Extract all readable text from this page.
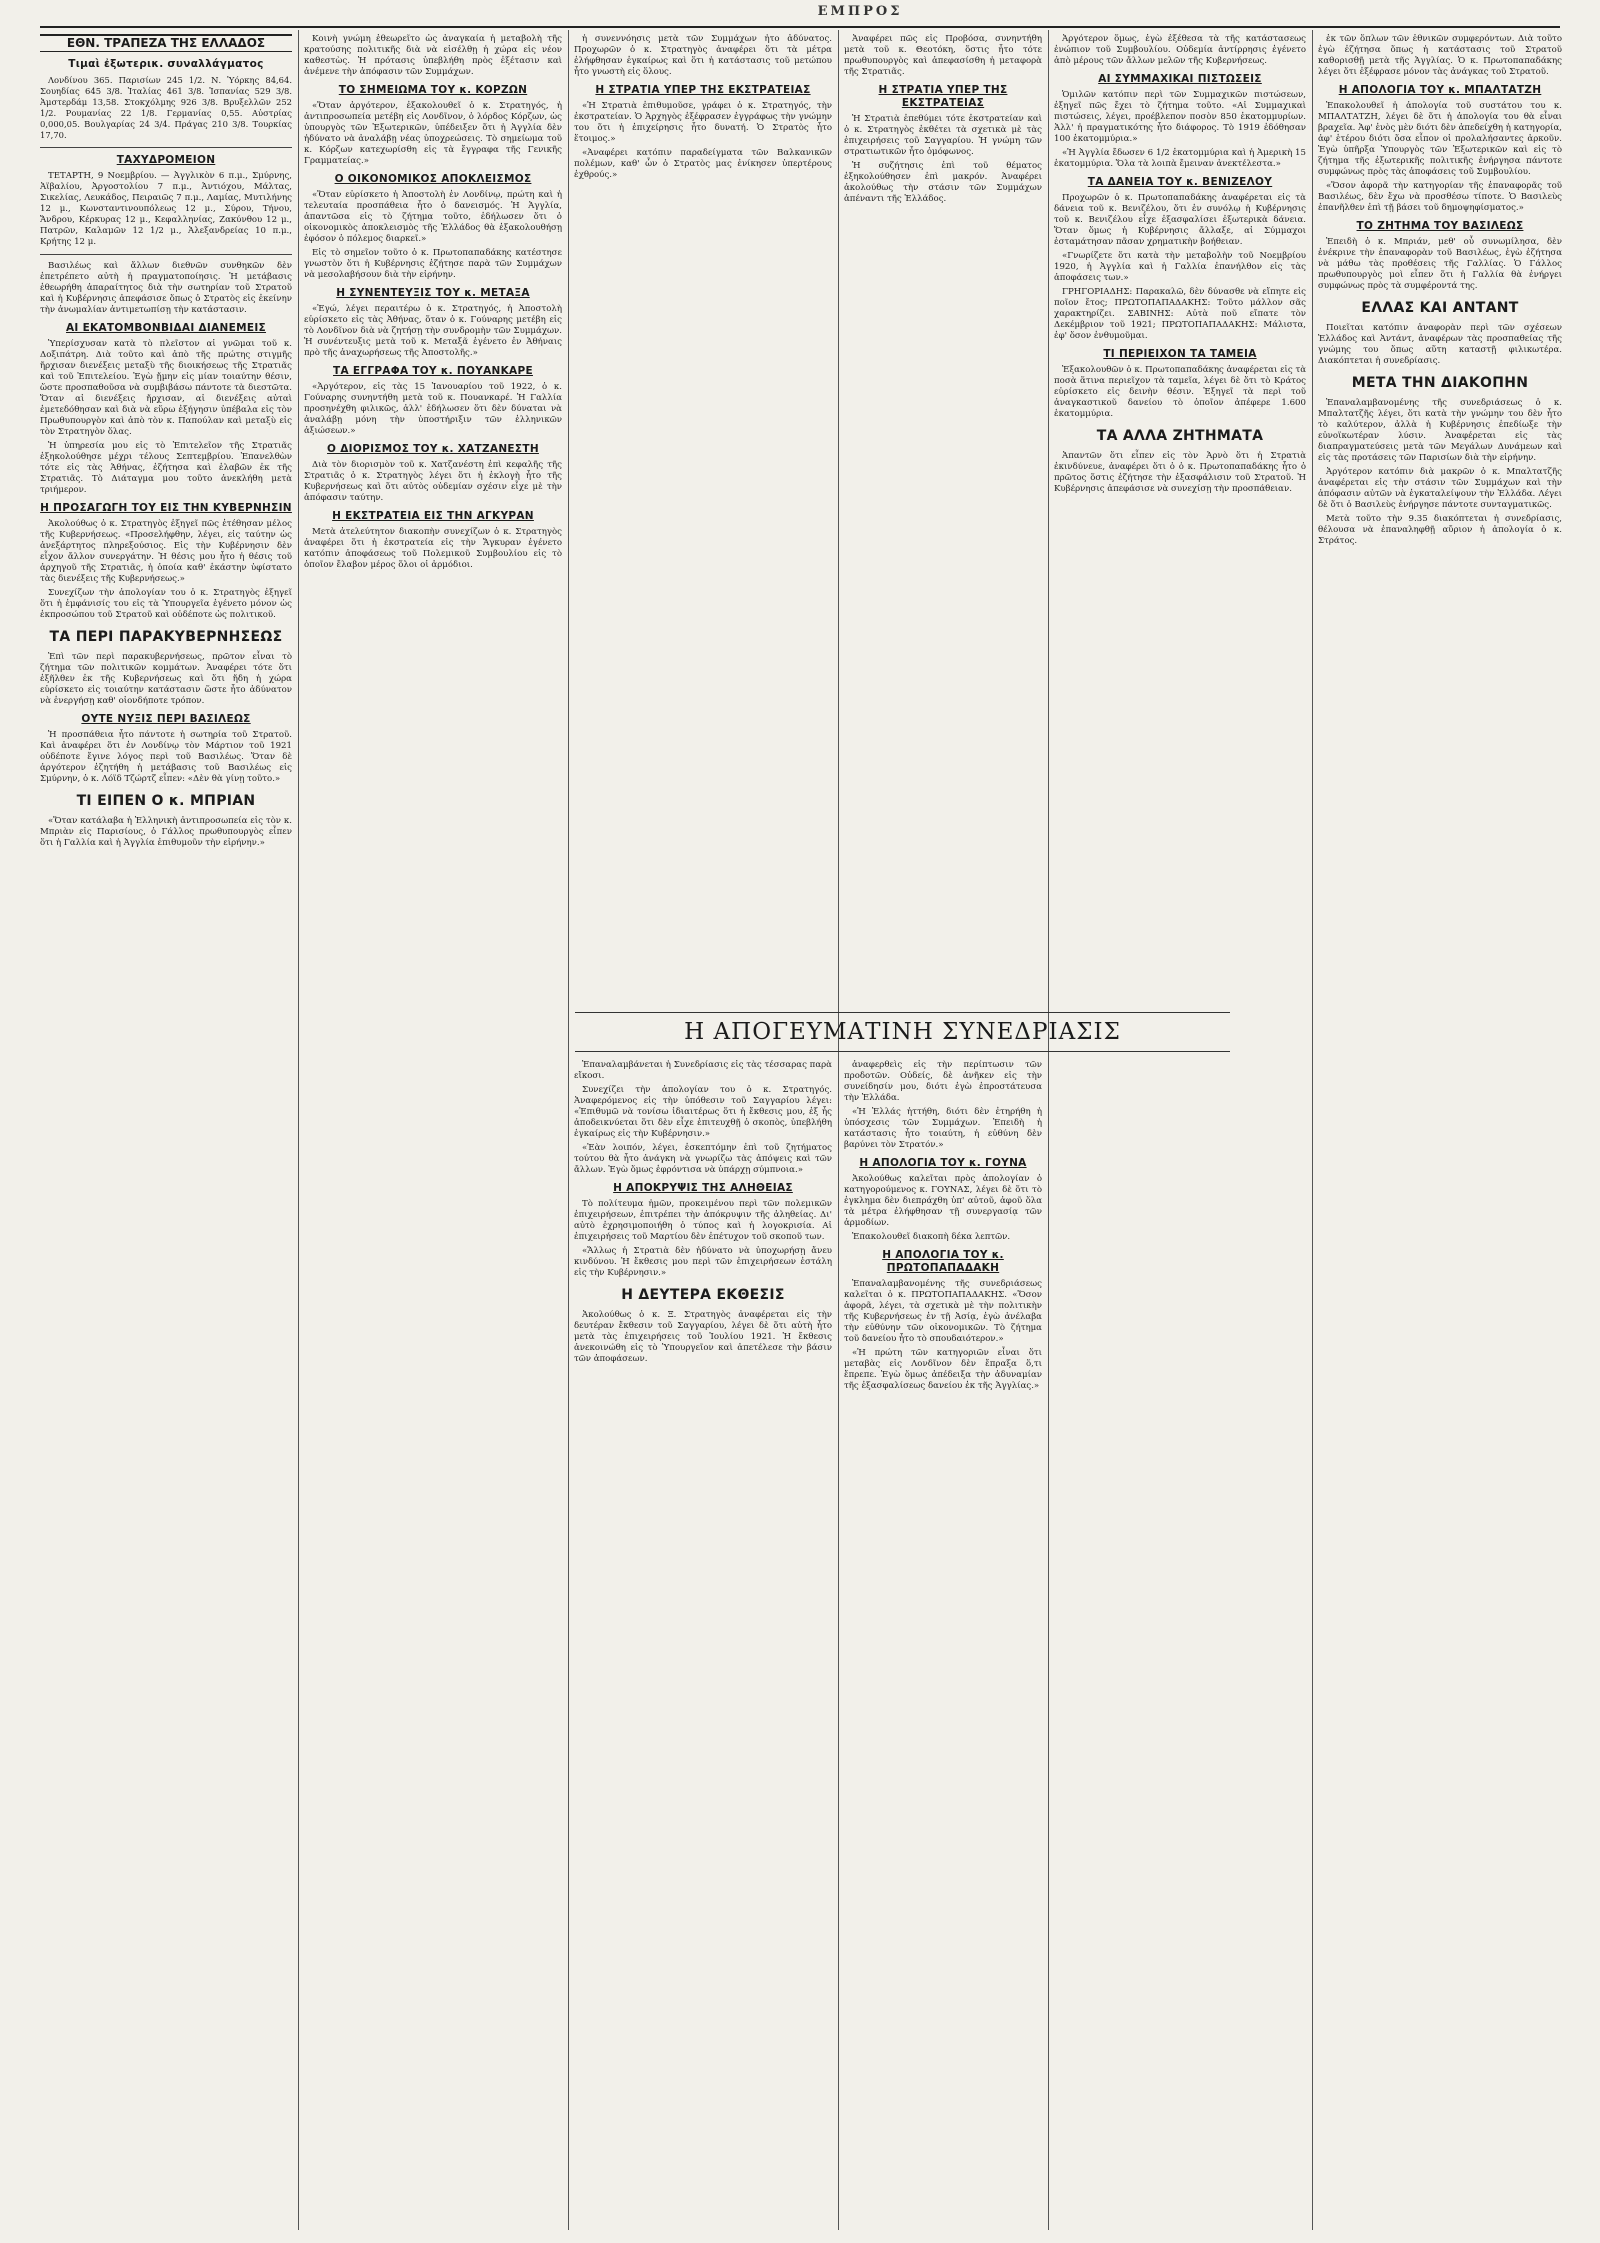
ΕΜΠΡΟΣ
ΕΘΝ. ΤΡΑΠΕΖΑ ΤΗΣ ΕΛΛΑΔΟΣ
Τιμαὶ ἐξωτερικ. συναλλάγματος

Λονδίνου 365. Παρισίων 245 1/2. Ν. Ὑόρκης 84,64. Σουηδίας 645 3/8. Ἰταλίας 461 3/8. Ἱσπανίας 529 3/8. Ἀμστερδάμ 13,58. Στοκχόλμης 926 3/8. Βρυξελλῶν 252 1/2. Ρουμανίας 22 1/8. Γερμανίας 0,55. Αὐστρίας 0,000,05. Βουλγαρίας 24 3/4. Πράγας 210 3/8. Τουρκίας 17,70.

ΤΑΧΥΔΡΟΜΕΙΟΝ

ΤΕΤΑΡΤΗ, 9 Νοεμβρίου. — Ἀγγλικὸν 6 π.μ., Σμύρνης, Ἀϊβαλίου, Ἀργοστολίου 7 π.μ., Ἀντιόχου, Μάλτας, Σικελίας, Λευκάδος, Πειραιῶς 7 π.μ., Λαμίας, Μυτιλήνης 12 μ., Κωνσταντινουπόλεως 12 μ., Σύρου, Τήνου, Ἄνδρου, Κέρκυρας 12 μ., Κεφαλληνίας, Ζακύνθου 12 μ., Πατρῶν, Καλαμῶν 12 1/2 μ., Ἀλεξανδρείας 10 π.μ., Κρήτης 12 μ.

Βασιλέως καὶ ἄλλων διεθνῶν συνθηκῶν δὲν ἐπετρέπετο αὐτὴ ἡ πραγματοποίησις. Ἡ μετάβασις ἐθεωρήθη ἀπαραίτητος διὰ τὴν σωτηρίαν τοῦ Στρατοῦ καὶ ἡ Κυβέρνησις ἀπεφάσισε ὅπως ὁ Στρατὸς εἰς ἐκείνην τὴν ἀνωμαλίαν ἀντιμετωπίσῃ τὴν κατάστασιν.

ΑΙ ΕΚΑΤΟΜΒΟΝΒΙΔΑΙ ΔΙΑΝΕΜΕΙΣ

Ὑπερίσχυσαν κατὰ τὸ πλεῖστον αἱ γνῶμαι τοῦ κ. Δοξιπάτρη. Διὰ τοῦτο καὶ ἀπὸ τῆς πρώτης στιγμῆς ἤρχισαν διενέξεις μεταξὺ τῆς διοικήσεως τῆς Στρατιᾶς καὶ τοῦ Ἐπιτελείου. Ἐγὼ ᾔμην εἰς μίαν τοιαύτην θέσιν, ὥστε προσπαθοῦσα νὰ συμβιβάσω πάντοτε τὰ διεστῶτα. Ὅταν αἱ διενέξεις ἤρχισαν, αἱ διενέξεις αὐταὶ ἐμετεδόθησαν καὶ διὰ νὰ εὕρω ἐξήγησιν ὑπέβαλα εἰς τὸν Πρωθυπουργὸν καὶ ἀπὸ τὸν κ. Παπούλαν καὶ μεταξὺ εἰς τὸν Στρατηγὸν ὅλας.

Ἡ ὑπηρεσία μου εἰς τὸ Ἐπιτελεῖον τῆς Στρατιᾶς ἐξηκολούθησε μέχρι τέλους Σεπτεμβρίου. Ἐπανελθὼν τότε εἰς τὰς Ἀθήνας, ἐζήτησα καὶ ἐλαβῶν ἐκ τῆς Στρατιᾶς. Τὸ Διάταγμα μου τοῦτο ἀνεκλήθη μετὰ τριήμερον.

Η ΠΡΟΣΑΓΩΓΗ ΤΟΥ ΕΙΣ ΤΗΝ ΚΥΒΕΡΝΗΣΙΝ

Ἀκολούθως ὁ κ. Στρατηγὸς ἐξηγεῖ πῶς ἐτέθησαν μέλος τῆς Κυβερνήσεως. «Προσελήφθην, λέγει, εἰς ταύτην ὡς ἀνεξάρτητος πληρεξούσιος. Εἰς τὴν Κυβέρνησιν δὲν εἶχον ἄλλον συνεργάτην. Ἡ θέσις μου ἦτο ἡ θέσις τοῦ ἀρχηγοῦ τῆς Στρατιᾶς, ἡ ὁποία καθ' ἑκάστην ὑφίστατο τὰς διενέξεις τῆς Κυβερνήσεως.»

Συνεχίζων τὴν ἀπολογίαν του ὁ κ. Στρατηγὸς ἐξηγεῖ ὅτι ἡ ἐμφάνισίς του εἰς τὰ Ὑπουργεῖα ἐγένετο μόνον ὡς ἐκπροσώπου τοῦ Στρατοῦ καὶ οὐδέποτε ὡς πολιτικοῦ.

ΤΑ ΠΕΡΙ ΠΑΡΑΚΥΒΕΡΝΗΣΕΩΣ

Ἐπὶ τῶν περὶ παρακυβερνήσεως, πρῶτον εἶναι τὸ ζήτημα τῶν πολιτικῶν κομμάτων. Ἀναφέρει τότε ὅτι ἐξῆλθεν ἐκ τῆς Κυβερνήσεως καὶ ὅτι ἤδη ἡ χώρα εὑρίσκετο εἰς τοιαύτην κατάστασιν ὥστε ἦτο ἀδύνατον νὰ ἐνεργήσῃ καθ' οἱονδήποτε τρόπον.

ΟΥΤΕ ΝΥΞΙΣ ΠΕΡΙ ΒΑΣΙΛΕΩΣ

Ἡ προσπάθεια ἦτο πάντοτε ἡ σωτηρία τοῦ Στρατοῦ. Καὶ ἀναφέρει ὅτι ἐν Λονδίνῳ τὸν Μάρτιον τοῦ 1921 οὐδέποτε ἔγινε λόγος περὶ τοῦ Βασιλέως. Ὅταν δὲ ἀργότερον ἐζητήθη ἡ μετάβασις τοῦ Βασιλέως εἰς Σμύρνην, ὁ κ. Λόϊδ Τζώρτζ εἶπεν: «Δὲν θὰ γίνῃ τοῦτο.»

ΤΙ ΕΙΠΕΝ Ο κ. ΜΠΡΙΑΝ

«Ὅταν κατάλαβα ἡ Ἑλληνικὴ ἀντιπροσωπεία εἰς τὸν κ. Μπριὰν εἰς Παρισίους, ὁ Γάλλος πρωθυπουργὸς εἶπεν ὅτι ἡ Γαλλία καὶ ἡ Ἀγγλία ἐπιθυμοῦν τὴν εἰρήνην.»

Κοινὴ γνώμη ἐθεωρεῖτο ὡς ἀναγκαία ἡ μεταβολὴ τῆς κρατούσης πολιτικῆς διὰ νὰ εἰσέλθῃ ἡ χώρα εἰς νέον καθεστὼς. Ἡ πρότασις ὑπεβλήθη πρὸς ἐξέτασιν καὶ ἀνέμενε τὴν ἀπόφασιν τῶν Συμμάχων.

ΤΟ ΣΗΜΕΙΩΜΑ ΤΟΥ κ. ΚΟΡΖΩΝ

«Ὅταν ἀργότερον, ἐξακολουθεῖ ὁ κ. Στρατηγός, ἡ ἀντιπροσωπεία μετέβη εἰς Λονδῖνον, ὁ λόρδος Κόρζων, ὡς ὑπουργὸς τῶν Ἐξωτερικῶν, ὑπέδειξεν ὅτι ἡ Ἀγγλία δὲν ἠδύνατο νὰ ἀναλάβῃ νέας ὑποχρεώσεις. Τὸ σημείωμα τοῦ κ. Κόρζων κατεχωρίσθη εἰς τὰ ἔγγραφα τῆς Γενικῆς Γραμματείας.»

Ο ΟΙΚΟΝΟΜΙΚΟΣ ΑΠΟΚΛΕΙΣΜΟΣ

«Ὅταν εὑρίσκετο ἡ Ἀποστολὴ ἐν Λονδίνῳ, πρώτη καὶ ἡ τελευταία προσπάθεια ἦτο ὁ δανεισμός. Ἡ Ἀγγλία, ἀπαντῶσα εἰς τὸ ζήτημα τοῦτο, ἐδήλωσεν ὅτι ὁ οἰκονομικὸς ἀποκλεισμὸς τῆς Ἑλλάδος θὰ ἐξακολουθήσῃ ἐφόσον ὁ πόλεμος διαρκεῖ.»

Εἰς τὸ σημεῖον τοῦτο ὁ κ. Πρωτοπαπαδάκης κατέστησε γνωστὸν ὅτι ἡ Κυβέρνησις ἐζήτησε παρὰ τῶν Συμμάχων νὰ μεσολαβήσουν διὰ τὴν εἰρήνην.

Η ΣΥΝΕΝΤΕΥΞΙΣ ΤΟΥ κ. ΜΕΤΑΞΑ

«Ἐγώ, λέγει περαιτέρω ὁ κ. Στρατηγός, ἡ Ἀποστολὴ εὑρίσκετο εἰς τὰς Ἀθήνας, ὅταν ὁ κ. Γούναρης μετέβη εἰς τὸ Λονδῖνον διὰ νὰ ζητήσῃ τὴν συνδρομὴν τῶν Συμμάχων. Ἡ συνέντευξις μετὰ τοῦ κ. Μεταξᾶ ἐγένετο ἐν Ἀθήναις πρὸ τῆς ἀναχωρήσεως τῆς Ἀποστολῆς.»

ΤΑ ΕΓΓΡΑΦΑ ΤΟΥ κ. ΠΟΥΑΝΚΑΡΕ

«Ἀργότερον, εἰς τὰς 15 Ἰανουαρίου τοῦ 1922, ὁ κ. Γούναρης συνηντήθη μετὰ τοῦ κ. Πουανκαρέ. Ἡ Γαλλία προσηνέχθη φιλικῶς, ἀλλ' ἐδήλωσεν ὅτι δὲν δύναται νὰ ἀναλάβῃ μόνη τὴν ὑποστήριξιν τῶν ἑλληνικῶν ἀξιώσεων.»

Ο ΔΙΟΡΙΣΜΟΣ ΤΟΥ κ. ΧΑΤΖΑΝΕΣΤΗ

Διὰ τὸν διορισμὸν τοῦ κ. Χατζανέστη ἐπὶ κεφαλῆς τῆς Στρατιᾶς ὁ κ. Στρατηγὸς λέγει ὅτι ἡ ἐκλογὴ ἦτο τῆς Κυβερνήσεως καὶ ὅτι αὐτὸς οὐδεμίαν σχέσιν εἶχε μὲ τὴν ἀπόφασιν ταύτην.

Η ΕΚΣΤΡΑΤΕΙΑ ΕΙΣ ΤΗΝ ΑΓΚΥΡΑΝ

Μετὰ ἀτελεύτητον διακοπὴν συνεχίζων ὁ κ. Στρατηγὸς ἀναφέρει ὅτι ἡ ἐκστρατεία εἰς τὴν Ἄγκυραν ἐγένετο κατόπιν ἀποφάσεως τοῦ Πολεμικοῦ Συμβουλίου εἰς τὸ ὁποῖον ἔλαβον μέρος ὅλοι οἱ ἁρμόδιοι.

ἡ συνεννόησις μετὰ τῶν Συμμάχων ἦτο ἀδύνατος. Προχωρῶν ὁ κ. Στρατηγὸς ἀναφέρει ὅτι τὰ μέτρα ἐλήφθησαν ἐγκαίρως καὶ ὅτι ἡ κατάστασις τοῦ μετώπου ἦτο γνωστὴ εἰς ὅλους.

Η ΣΤΡΑΤΙΑ ΥΠΕΡ ΤΗΣ ΕΚΣΤΡΑΤΕΙΑΣ

«Ἡ Στρατιὰ ἐπιθυμοῦσε, γράφει ὁ κ. Στρατηγός, τὴν ἐκστρατείαν. Ὁ Ἀρχηγὸς ἐξέφρασεν ἐγγράφως τὴν γνώμην του ὅτι ἡ ἐπιχείρησις ἦτο δυνατή. Ὁ Στρατὸς ἦτο ἕτοιμος.»

«Ἀναφέρει κατόπιν παραδείγματα τῶν Βαλκανικῶν πολέμων, καθ' ὧν ὁ Στρατὸς μας ἐνίκησεν ὑπερτέρους ἐχθρούς.»

Ἀναφέρει πῶς εἰς Προβόσα, συνηντήθη μετὰ τοῦ κ. Θεοτόκη, ὅστις ἦτο τότε πρωθυπουργὸς καὶ ἀπεφασίσθη ἡ μεταφορὰ τῆς Στρατιᾶς.

Η ΣΤΡΑΤΙΑ ΥΠΕΡ ΤΗΣ ΕΚΣΤΡΑΤΕΙΑΣ

Ἡ Στρατιὰ ἐπεθύμει τότε ἐκστρατείαν καὶ ὁ κ. Στρατηγὸς ἐκθέτει τὰ σχετικὰ μὲ τὰς ἐπιχειρήσεις τοῦ Σαγγαρίου. Ἡ γνώμη τῶν στρατιωτικῶν ἦτο ὁμόφωνος.

Ἡ συζήτησις ἐπὶ τοῦ θέματος ἐξηκολούθησεν ἐπὶ μακρόν. Ἀναφέρει ἀκολούθως τὴν στάσιν τῶν Συμμάχων ἀπέναντι τῆς Ἑλλάδος.

Η ΑΠΟΓΕΥΜΑΤΙΝΗ ΣΥΝΕΔΡΙΑΣΙΣ

Ἐπαναλαμβάνεται ἡ Συνεδρίασις εἰς τὰς τέσσαρας παρὰ εἴκοσι.

Συνεχίζει τὴν ἀπολογίαν του ὁ κ. Στρατηγός. Ἀναφερόμενος εἰς τὴν ὑπόθεσιν τοῦ Σαγγαρίου λέγει: «Ἐπιθυμῶ νὰ τονίσω ἰδιαιτέρως ὅτι ἡ ἔκθεσις μου, ἐξ ἧς ἀποδεικνύεται ὅτι δὲν εἶχε ἐπιτευχθῇ ὁ σκοπὸς, ὑπεβλήθη ἐγκαίρως εἰς τὴν Κυβέρνησιν.»

«Ἐὰν λοιπόν, λέγει, ἐσκεπτόμην ἐπὶ τοῦ ζητήματος τούτου θὰ ἦτο ἀνάγκη νὰ γνωρίζω τὰς ἀπόψεις καὶ τῶν ἄλλων. Ἐγὼ ὅμως ἐφρόντισα νὰ ὑπάρχῃ σύμπνοια.»

Η ΑΠΟΚΡΥΨΙΣ ΤΗΣ ΑΛΗΘΕΙΑΣ

Τὸ πολίτευμα ἡμῶν, προκειμένου περὶ τῶν πολεμικῶν ἐπιχειρήσεων, ἐπιτρέπει τὴν ἀπόκρυψιν τῆς ἀληθείας. Δι' αὐτὸ ἐχρησιμοποιήθη ὁ τύπος καὶ ἡ λογοκρισία. Αἱ ἐπιχειρήσεις τοῦ Μαρτίου δὲν ἐπέτυχον τοῦ σκοποῦ των.

«Ἄλλως ἡ Στρατιὰ δὲν ἠδύνατο νὰ ὑποχωρήσῃ ἄνευ κινδύνου. Ἡ ἔκθεσις μου περὶ τῶν ἐπιχειρήσεων ἐστάλη εἰς τὴν Κυβέρνησιν.»

Η ΔΕΥΤΕΡΑ ΕΚΘΕΣΙΣ

Ἀκολούθως ὁ κ. Ξ. Στρατηγὸς ἀναφέρεται εἰς τὴν δευτέραν ἔκθεσιν τοῦ Σαγγαρίου, λέγει δὲ ὅτι αὐτὴ ἦτο μετὰ τὰς ἐπιχειρήσεις τοῦ Ἰουλίου 1921. Ἡ ἔκθεσις ἀνεκοινώθη εἰς τὸ Ὑπουργεῖον καὶ ἀπετέλεσε τὴν βάσιν τῶν ἀποφάσεων.

ἀναφερθεὶς εἰς τὴν περίπτωσιν τῶν προδοτῶν. Οὐδείς, δὲ ἀνῆκεν εἰς τὴν συνείδησίν μου, διότι ἐγὼ ἐπροστάτευσα τὴν Ἑλλάδα.

«Ἡ Ἑλλάς ἡττήθη, διότι δὲν ἐτηρήθη ἡ ὑπόσχεσις τῶν Συμμάχων. Ἐπειδὴ ἡ κατάστασις ἦτο τοιαύτη, ἡ εὐθύνη δὲν βαρύνει τὸν Στρατόν.»

Η ΑΠΟΛΟΓΙΑ ΤΟΥ κ. ΓΟΥΝΑ

Ἀκολούθως καλεῖται πρὸς ἀπολογίαν ὁ κατηγορούμενος κ. ΓΟΥΝΑΣ, λέγει δὲ ὅτι τὸ ἐγκλημα δὲν διεπράχθη ὑπ' αὐτοῦ, ἀφοῦ ὅλα τὰ μέτρα ἐλήφθησαν τῇ συνεργασίᾳ τῶν ἁρμοδίων.

Ἐπακολουθεῖ διακοπὴ δέκα λεπτῶν.

Η ΑΠΟΛΟΓΙΑ ΤΟΥ κ. ΠΡΩΤΟΠΑΠΑΔΑΚΗ

Ἐπαναλαμβανομένης τῆς συνεδριάσεως καλεῖται ὁ κ. ΠΡΩΤΟΠΑΠΑΔΑΚΗΣ. «Ὅσον ἀφορᾶ, λέγει, τὰ σχετικὰ μὲ τὴν πολιτικὴν τῆς Κυβερνήσεως ἐν τῇ Ἀσίᾳ, ἐγὼ ἀνέλαβα τὴν εὐθύνην τῶν οἰκονομικῶν. Τὸ ζήτημα τοῦ δανείου ἦτο τὸ σπουδαιότερον.»

«Ἡ πρώτη τῶν κατηγοριῶν εἶναι ὅτι μεταβὰς εἰς Λονδῖνον δὲν ἔπραξα ὅ,τι ἔπρεπε. Ἐγὼ ὅμως ἀπέδειξα τὴν ἀδυναμίαν τῆς ἐξασφαλίσεως δανείου ἐκ τῆς Ἀγγλίας.»

Ἀργότερον ὅμως, ἐγὼ ἐξέθεσα τὰ τῆς κατάστασεως ἐνώπιον τοῦ Συμβουλίου. Οὐδεμία ἀντίρρησις ἐγένετο ἀπὸ μέρους τῶν ἄλλων μελῶν τῆς Κυβερνήσεως.

ΑΙ ΣΥΜΜΑΧΙΚΑΙ ΠΙΣΤΩΣΕΙΣ

Ὁμιλῶν κατόπιν περὶ τῶν Συμμαχικῶν πιστώσεων, ἐξηγεῖ πῶς ἔχει τὸ ζήτημα τοῦτο. «Αἱ Συμμαχικαὶ πιστώσεις, λέγει, προέβλεπον ποσὸν 850 ἑκατομμυρίων. Ἀλλ' ἡ πραγματικότης ἦτο διάφορος. Τὸ 1919 ἐδόθησαν 100 ἑκατομμύρια.»

«Ἡ Ἀγγλία ἔδωσεν 6 1/2 ἑκατομμύρια καὶ ἡ Ἀμερικὴ 15 ἑκατομμύρια. Ὅλα τὰ λοιπὰ ἔμειναν ἀνεκτέλεστα.»

ΤΑ ΔΑΝΕΙΑ ΤΟΥ κ. ΒΕΝΙΖΕΛΟΥ

Προχωρῶν ὁ κ. Πρωτοπαπαδάκης ἀναφέρεται εἰς τὰ δάνεια τοῦ κ. Βενιζέλου, ὅτι ἐν συνόλῳ ἡ Κυβέρνησις τοῦ κ. Βενιζέλου εἶχε ἐξασφαλίσει ἐξωτερικὰ δάνεια. Ὅταν ὅμως ἡ Κυβέρνησις ἄλλαξε, αἱ Σύμμαχοι ἐσταμάτησαν πᾶσαν χρηματικὴν βοήθειαν.

«Γνωρίζετε ὅτι κατὰ τὴν μεταβολὴν τοῦ Νοεμβρίου 1920, ἡ Ἀγγλία καὶ ἡ Γαλλία ἐπανήλθον εἰς τὰς ἀποφάσεις των.»

ΓΡΗΓΟΡΙΑΔΗΣ: Παρακαλῶ, δὲν δύνασθε νὰ εἴπητε εἰς ποῖον ἔτος; ΠΡΩΤΟΠΑΠΑΔΑΚΗΣ: Τοῦτο μάλλον σᾶς χαρακτηρίζει. ΣΑΒΙΝΗΣ: Αὐτὰ ποῦ εἴπατε τὸν Δεκέμβριον τοῦ 1921; ΠΡΩΤΟΠΑΠΑΔΑΚΗΣ: Μάλιστα, ἐφ' ὅσον ἐνθυμοῦμαι.

ΤΙ ΠΕΡΙΕΙΧΟΝ ΤΑ ΤΑΜΕΙΑ

Ἐξακολουθῶν ὁ κ. Πρωτοπαπαδάκης ἀναφέρεται εἰς τὰ ποσὰ ἅτινα περιεῖχον τὰ ταμεῖα, λέγει δὲ ὅτι τὸ Κράτος εὑρίσκετο εἰς δεινὴν θέσιν. Ἐξηγεῖ τὰ περὶ τοῦ ἀναγκαστικοῦ δανείου τὸ ὁποῖον ἀπέφερε 1.600 ἑκατομμύρια.

ΤΑ ΑΛΛΑ ΖΗΤΗΜΑΤΑ

Ἀπαντῶν ὅτι εἶπεν εἰς τὸν Ἀρνὸ ὅτι ἡ Στρατιὰ ἐκινδύνευε, ἀναφέρει ὅτι ὁ ὁ κ. Πρωτοπαπαδάκης ἦτο ὁ πρῶτος ὅστις ἐζήτησε τὴν ἐξασφάλισιν τοῦ Στρατοῦ. Ἡ Κυβέρνησις ἀπεφάσισε νὰ συνεχίσῃ τὴν προσπάθειαν.

ἐκ τῶν ὅπλων τῶν ἐθνικῶν συμφερόντων. Διὰ τοῦτο ἐγὼ ἐζήτησα ὅπως ἡ κατάστασις τοῦ Στρατοῦ καθορισθῇ μετὰ τῆς Ἀγγλίας. Ὁ κ. Πρωτοπαπαδάκης λέγει ὅτι ἐξέφρασε μόνον τὰς ἀνάγκας τοῦ Στρατοῦ.

Η ΑΠΟΛΟΓΙΑ ΤΟΥ κ. ΜΠΑΛΤΑΤΖΗ

Ἐπακολουθεῖ ἡ ἀπολογία τοῦ συστάτου του κ. ΜΠΑΛΤΑΤΖΗ, λέγει δὲ ὅτι ἡ ἀπολογία του θὰ εἶναι βραχεῖα. Ἀφ' ἑνὸς μὲν διότι δὲν ἀπεδείχθη ἡ κατηγορία, ἀφ' ἑτέρου διότι ὅσα εἶπον οἱ προλαλήσαντες ἀρκοῦν. Ἐγὼ ὑπῆρξα Ὑπουργὸς τῶν Ἐξωτερικῶν καὶ εἰς τὸ ζήτημα τῆς ἐξωτερικῆς πολιτικῆς ἐνήργησα πάντοτε συμφώνως πρὸς τὰς ἀποφάσεις τοῦ Συμβουλίου.

«Ὅσον ἀφορᾶ τὴν κατηγορίαν τῆς ἐπαναφορᾶς τοῦ Βασιλέως, δὲν ἔχω νὰ προσθέσω τίποτε. Ὁ Βασιλεὺς ἐπανῆλθεν ἐπὶ τῇ βάσει τοῦ δημοψηφίσματος.»

ΤΟ ΖΗΤΗΜΑ ΤΟΥ ΒΑΣΙΛΕΩΣ

Ἐπειδὴ ὁ κ. Μπριάν, μεθ' οὗ συνωμίλησα, δὲν ἐνέκρινε τὴν ἐπαναφορὰν τοῦ Βασιλέως, ἐγὼ ἐζήτησα νὰ μάθω τὰς προθέσεις τῆς Γαλλίας. Ὁ Γάλλος πρωθυπουργὸς μοὶ εἶπεν ὅτι ἡ Γαλλία θὰ ἐνήργει συμφώνως πρὸς τὰ συμφέροντά της.

ΕΛΛΑΣ ΚΑΙ ΑΝΤΑΝΤ

Ποιεῖται κατόπιν ἀναφορὰν περὶ τῶν σχέσεων Ἑλλάδος καὶ Ἀντάντ, ἀναφέρων τὰς προσπαθείας τῆς γνώμης του ὅπως αὕτη καταστῇ φιλικωτέρα. Διακόπτεται ἡ συνεδρίασις.

ΜΕΤΑ ΤΗΝ ΔΙΑΚΟΠΗΝ

Ἐπαναλαμβανομένης τῆς συνεδριάσεως ὁ κ. Μπαλτατζῆς λέγει, ὅτι κατὰ τὴν γνώμην του δὲν ἦτο τὸ καλύτερον, ἀλλὰ ἡ Κυβέρνησις ἐπεδίωξε τὴν εὐνοϊκωτέραν λύσιν. Ἀναφέρεται εἰς τὰς διαπραγματεύσεις μετὰ τῶν Μεγάλων Δυνάμεων καὶ εἰς τὰς προτάσεις τῶν Παρισίων διὰ τὴν εἰρήνην.

Ἀργότερον κατόπιν διὰ μακρῶν ὁ κ. Μπαλτατζῆς ἀναφέρεται εἰς τὴν στάσιν τῶν Συμμάχων καὶ τὴν ἀπόφασιν αὐτῶν νὰ ἐγκαταλείψουν τὴν Ἑλλάδα. Λέγει δὲ ὅτι ὁ Βασιλεὺς ἐνήργησε πάντοτε συνταγματικῶς.

Μετὰ τοῦτο τὴν 9.35 διακόπτεται ἡ συνεδρίασις, θέλουσα νὰ ἐπαναληφθῇ αὔριον ἡ ἀπολογία ὁ κ. Στράτος.
